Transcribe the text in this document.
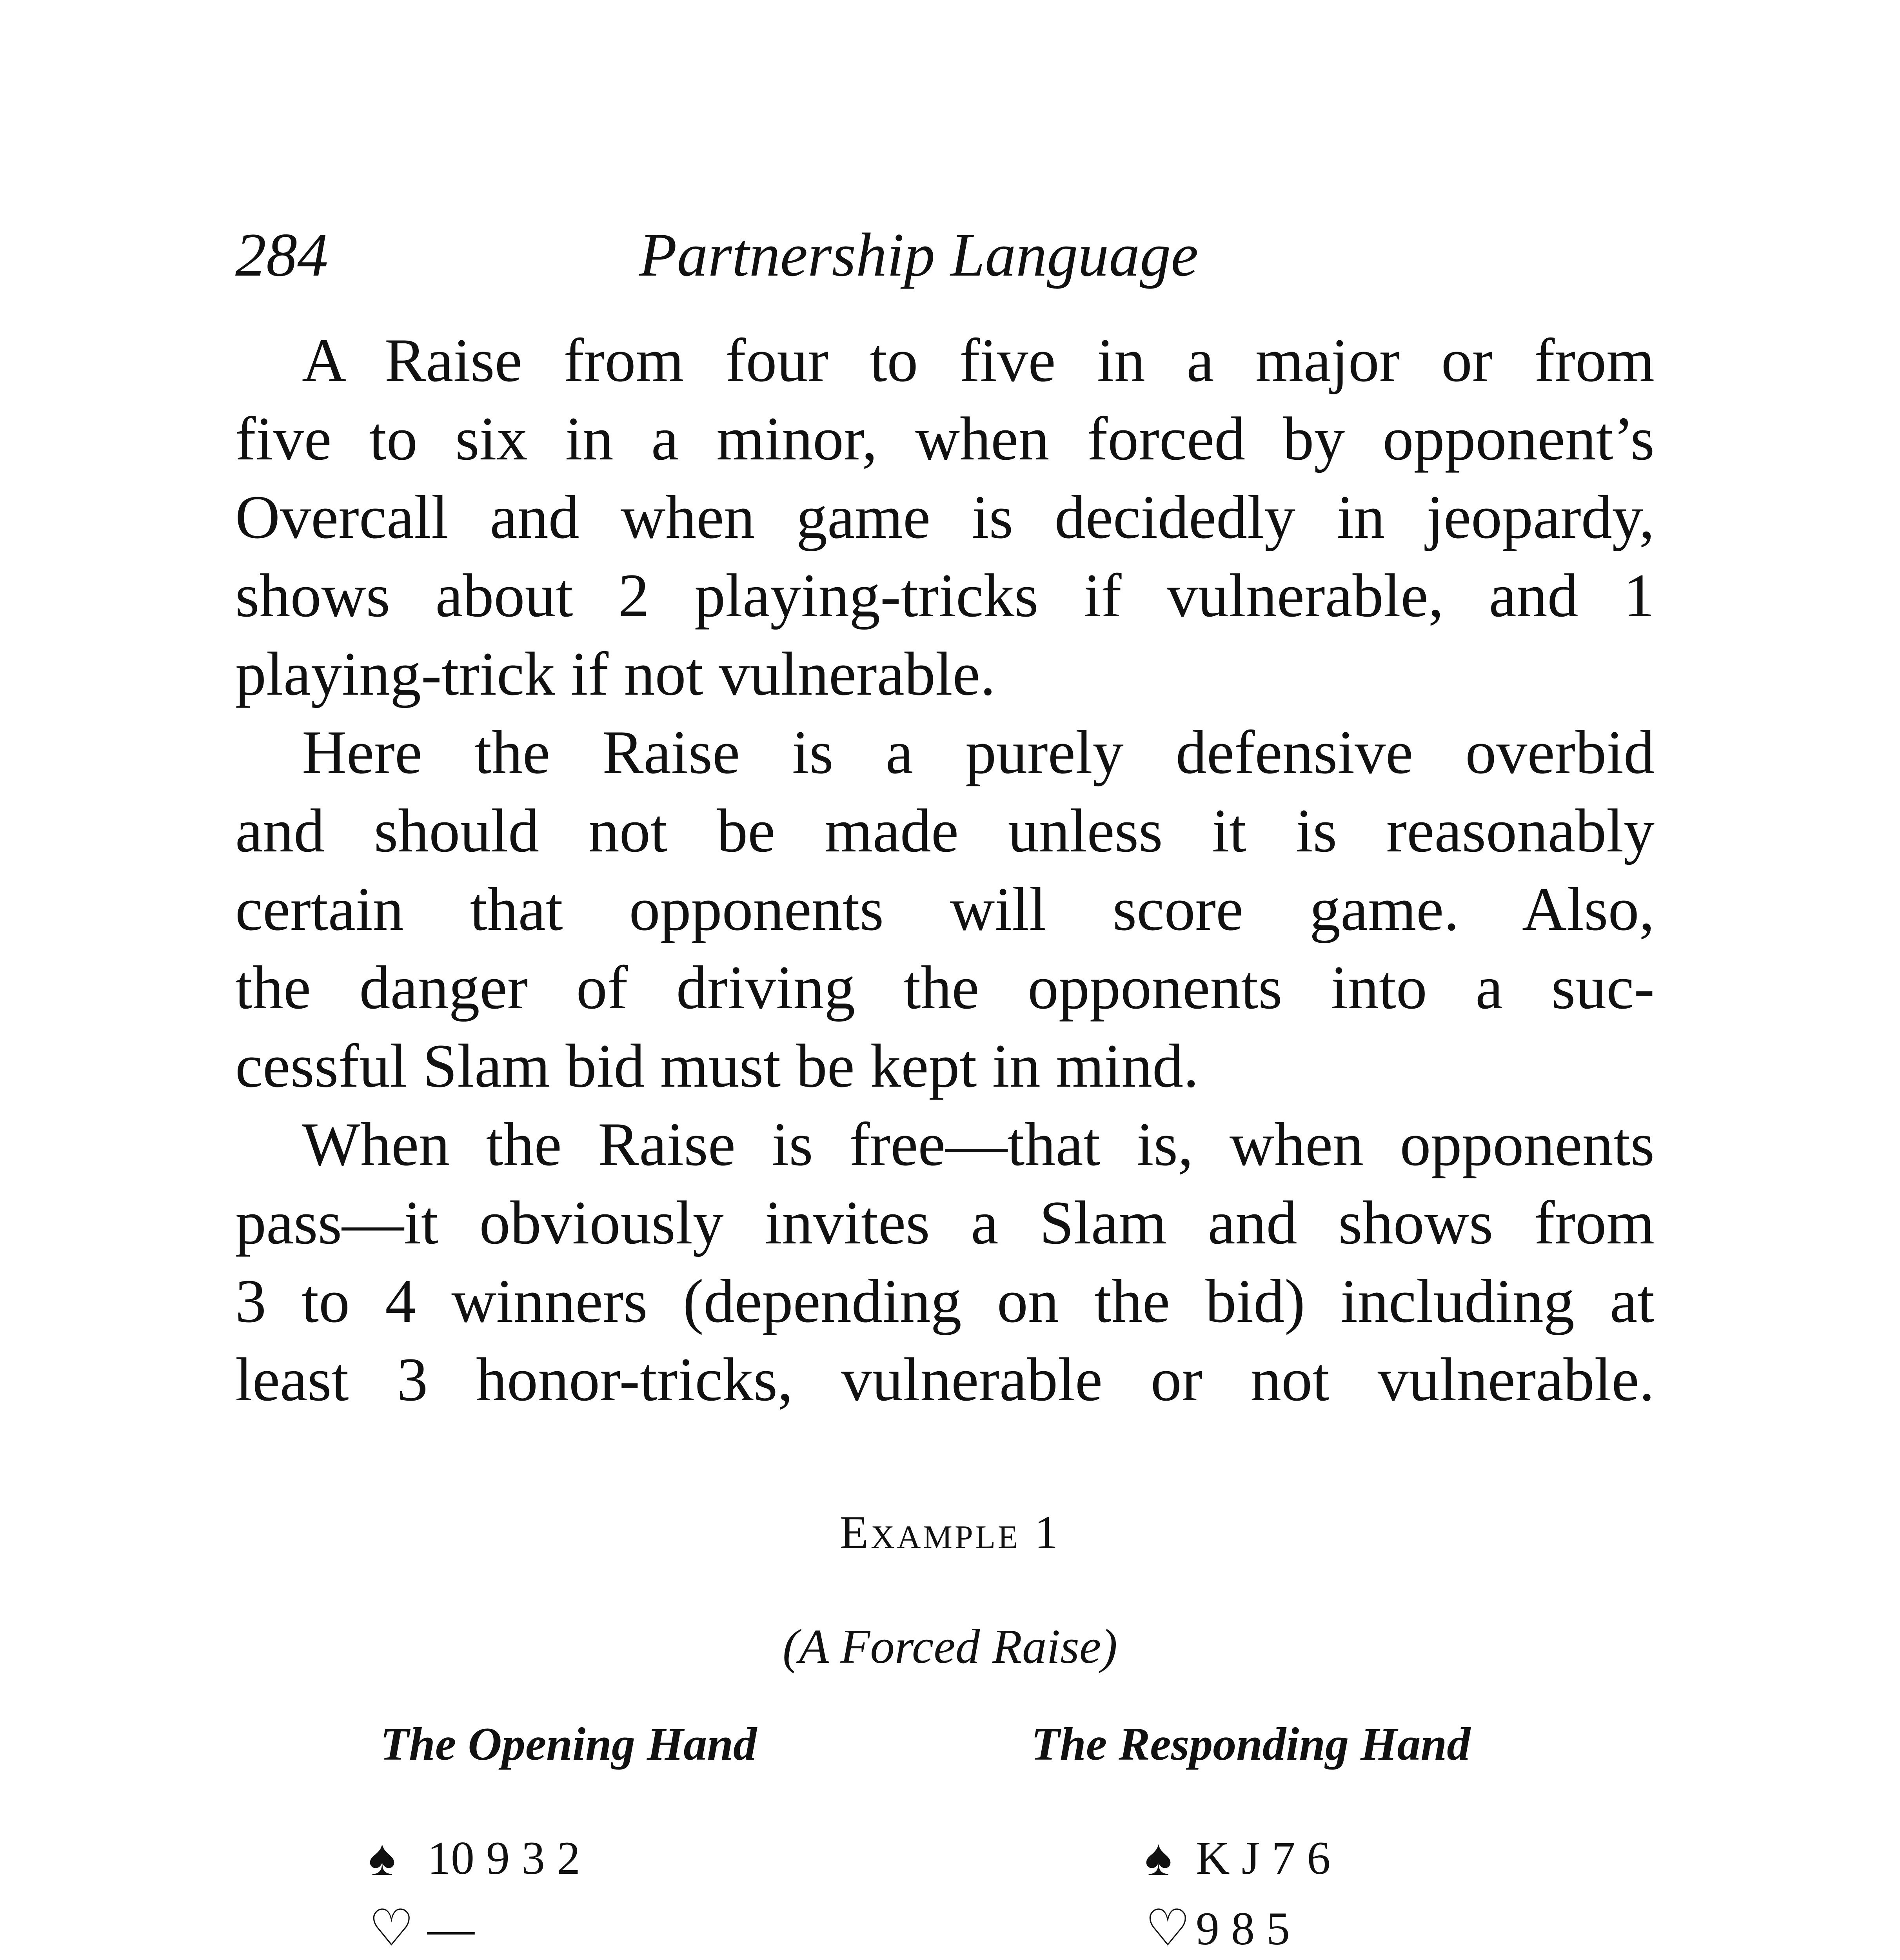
284	Partnership Language
A Raise from four to five in a major or from
five to six in a minor, when forced by opponent’s
Overcall and when game is decidedly in jeopardy,
shows about 2 playing-tricks if vulnerable, and 1
playing-trick if not vulnerable.
Here the Raise is a purely defensive overbid
and should not be made unless it is reasonably
certain that opponents will score game. Also,
the danger of driving the opponents into a suc-
cessful Slam bid must be kept in mind.
When the Raise is free—that is, when opponents
pass—it obviously invites a Slam and shows from
3 to 4 winners (depending on the bid) including at
least 3 honor-tricks, vulnerable or not vulnerable.
Example 1
(A Forced Raise)
The Opening Hand	The Responding Hand
♠ 10 9 3 2
♡ —
♠ K J 7 6
♡ 9 8 5
